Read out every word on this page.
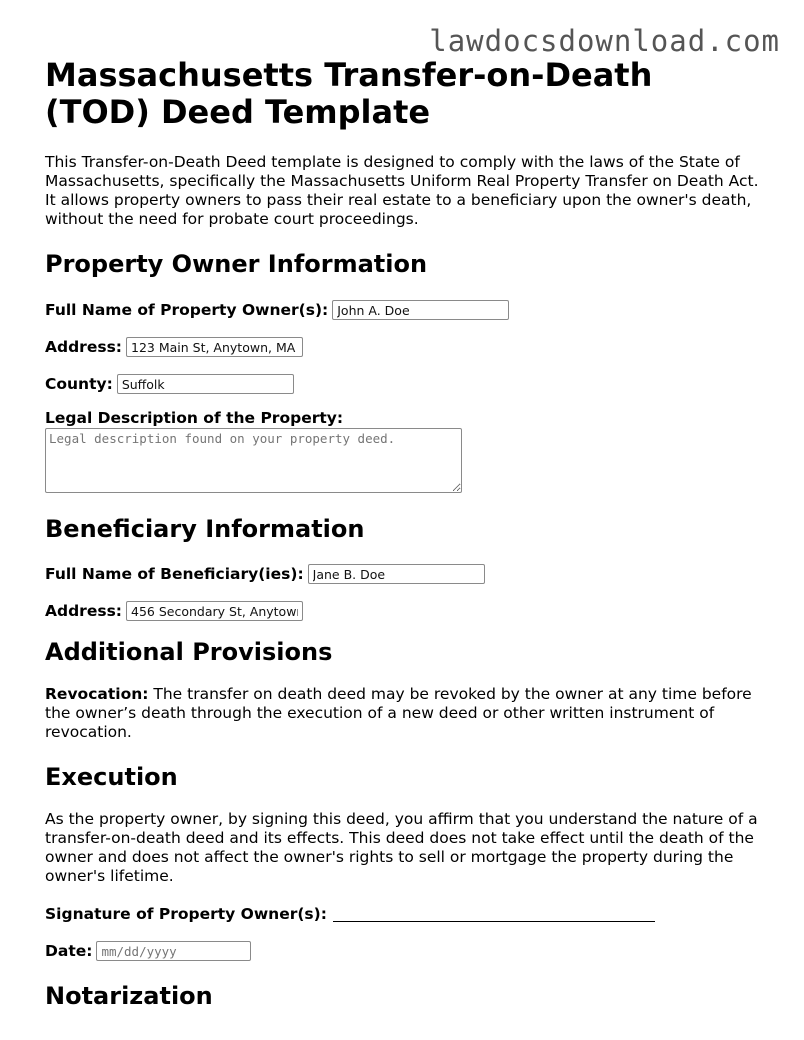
lawdocsdownload.com
Massachusetts Transfer-on-Death (TOD) Deed Template

This Transfer-on-Death Deed template is designed to comply with the laws of the State of Massachusetts, specifically the Massachusetts Uniform Real Property Transfer on Death Act. It allows property owners to pass their real estate to a beneficiary upon the owner's death, without the need for probate court proceedings.

Property Owner Information
Full Name of Property Owner(s):
John A. Doe
Address:
123 Main St, Anytown, MA
County:
Suffolk
Legal Description of the Property:
Legal description found on your property deed.
Beneficiary Information
Full Name of Beneficiary(ies):
Jane B. Doe
Address:
456 Secondary St, Anytown
Additional Provisions

Revocation: The transfer on death deed may be revoked by the owner at any time before the owner’s death through the execution of a new deed or other written instrument of revocation.

Execution

As the property owner, by signing this deed, you affirm that you understand the nature of a transfer-on-death deed and its effects. This deed does not take effect until the death of the owner and does not affect the owner's rights to sell or mortgage the property during the owner's lifetime.

Signature of Property Owner(s):
Date:
mm/dd/yyyy
Notarization
